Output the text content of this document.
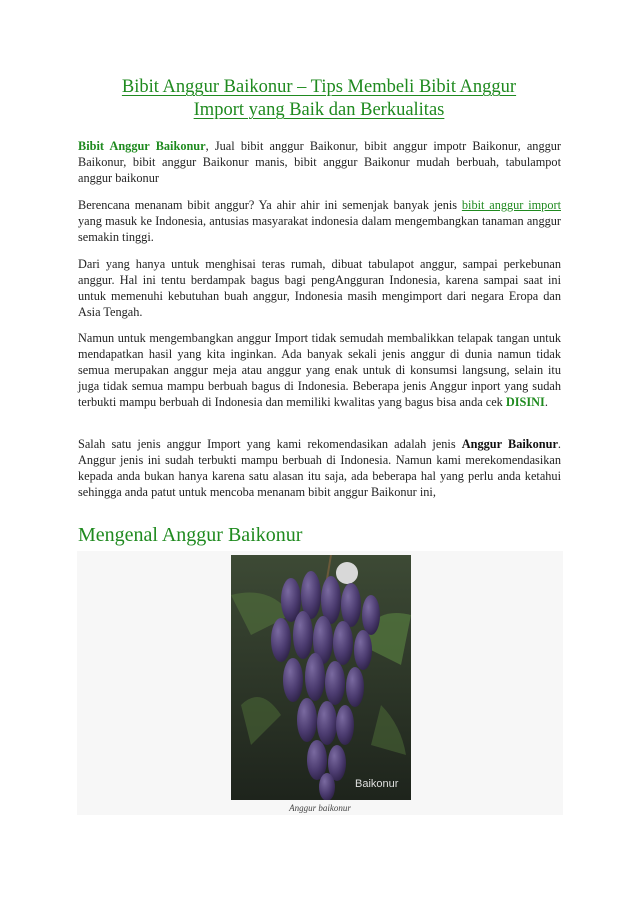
Bibit Anggur Baikonur – Tips Membeli Bibit Anggur
Import yang Baik dan Berkualitas

Bibit Anggur Baikonur, Jual bibit anggur Baikonur, bibit anggur impotr Baikonur, anggur Baikonur, bibit anggur Baikonur manis, bibit anggur Baikonur mudah berbuah, tabulampot anggur baikonur

Berencana menanam bibit anggur? Ya ahir ahir ini semenjak banyak jenis bibit anggur import yang masuk ke Indonesia, antusias masyarakat indonesia dalam mengembangkan tanaman anggur semakin tinggi.

Dari yang hanya untuk menghisai teras rumah, dibuat tabulapot anggur, sampai perkebunan anggur. Hal ini tentu berdampak bagus bagi pengAngguran Indonesia, karena sampai saat ini untuk memenuhi kebutuhan buah anggur, Indonesia masih mengimport dari negara Eropa dan Asia Tengah.

Namun untuk mengembangkan anggur Import tidak semudah membalikkan telapak tangan untuk mendapatkan hasil yang kita inginkan. Ada banyak sekali jenis anggur di dunia namun tidak semua merupakan anggur meja atau anggur yang enak untuk di konsumsi langsung, selain itu juga tidak semua mampu berbuah bagus di Indonesia. Beberapa jenis Anggur inport yang sudah terbukti mampu berbuah di Indonesia dan memiliki kwalitas yang bagus bisa anda cek DISINI.

Salah satu jenis anggur Import yang kami rekomendasikan adalah jenis Anggur Baikonur. Anggur jenis ini sudah terbukti mampu berbuah di Indonesia. Namun kami merekomendasikan kepada anda bukan hanya karena satu alasan itu saja, ada beberapa hal yang perlu anda ketahui sehingga anda patut untuk mencoba menanam bibit anggur Baikonur ini,

Mengenal Anggur Baikonur
Baikonur
Anggur baikonur
